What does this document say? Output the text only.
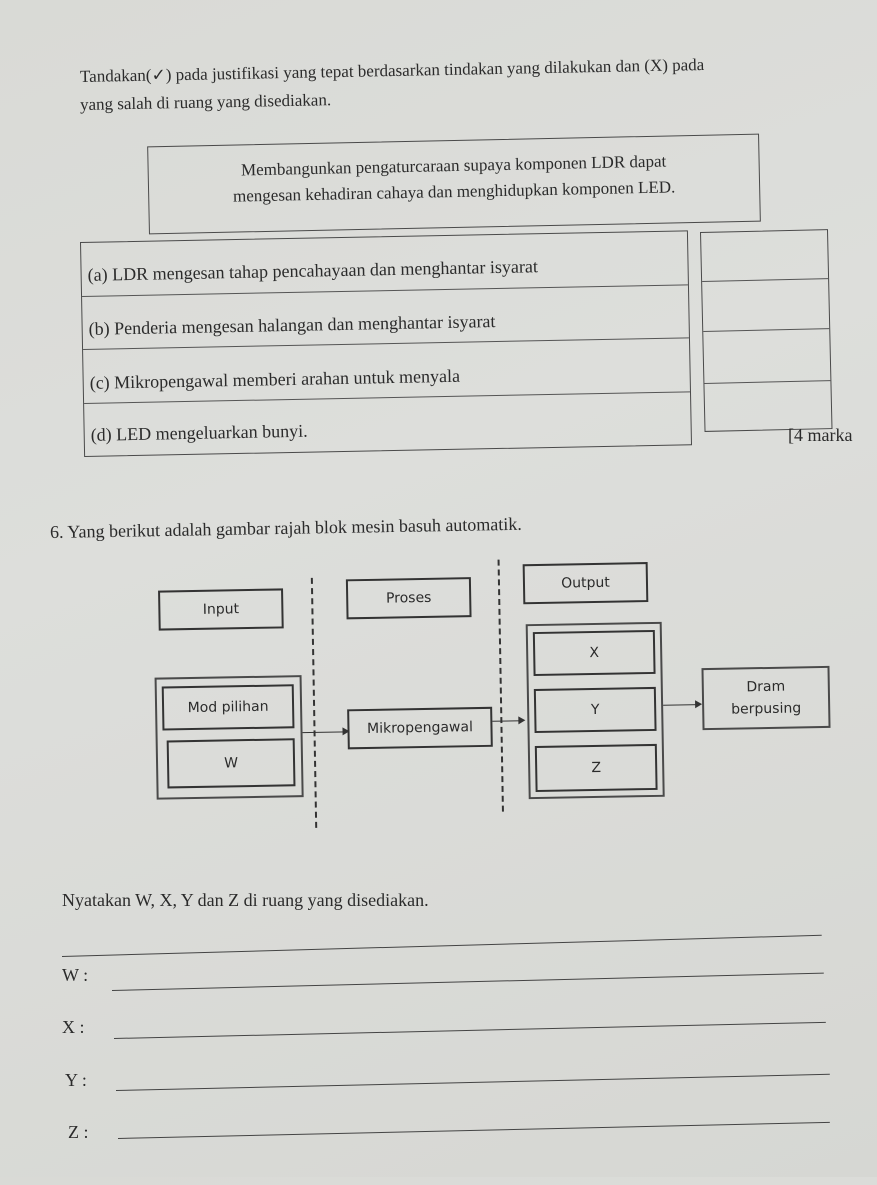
Tandakan(✓) pada justifikasi yang tepat berdasarkan tindakan yang dilakukan dan (X) pada
yang salah di ruang yang disediakan.
Membangunkan pengaturcaraan supaya komponen LDR dapat
mengesan kehadiran cahaya dan menghidupkan komponen LED.
(a) LDR mengesan tahap pencahayaan dan menghantar isyarat
(b) Penderia mengesan halangan dan menghantar isyarat
(c) Mikropengawal memberi arahan untuk menyala
(d) LED mengeluarkan bunyi.	[4 marka
6. Yang berikut adalah gambar rajah blok mesin basuh automatik.
Input
Proses
Output
Mod pilihan
W
Mikropengawal
X
Y
Z
Dram
berpusing
Nyatakan W, X, Y dan Z di ruang yang disediakan.
W :
X :
Y :
Z :
